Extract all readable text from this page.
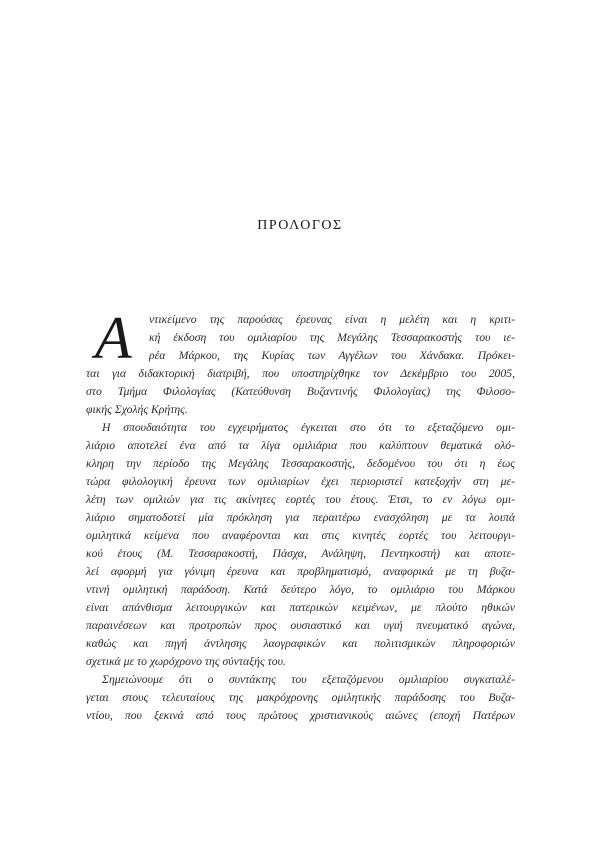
ΠΡΟΛΟΓΟΣ
Α ντικείμενο της παρούσας έρευνας είναι η μελέτη και η κριτι-
κή έκδοση του ομιλιαρίου της Μεγάλης Τεσσαρακοστής του ιε-
ρέα Μάρκου, της Κυρίας των Αγγέλων του Χάνδακα. Πρόκει-
ται για διδακτορική διατριβή, που υποστηρίχθηκε τον Δεκέμβριο του 2005,
στο Τμήμα Φιλολογίας (Κατεύθυνση Βυζαντινής Φιλολογίας) της Φιλοσο-
φικής Σχολής Κρήτης.
Η σπουδαιότητα του εγχειρήματος έγκειται στο ότι το εξεταζόμενο ομι-
λιάριο αποτελεί ένα από τα λίγα ομιλιάρια που καλύπτουν θεματικά ολό-
κληρη την περίοδο της Μεγάλης Τεσσαρακοστής, δεδομένου του ότι η έως
τώρα φιλολογική έρευνα των ομιλιαρίων έχει περιοριστεί κατεξοχήν στη με-
λέτη των ομιλιών για τις ακίνητες εορτές του έτους. Έτσι, το εν λόγω ομι-
λιάριο σηματοδοτεί μία πρόκληση για περαιτέρω ενασχόληση με τα λοιπά
ομιλητικά κείμενα που αναφέρονται και στις κινητές εορτές του λειτουργι-
κού έτους (Μ. Τεσσαρακοστή, Πάσχα, Ανάληψη, Πεντηκοστή) και αποτε-
λεί αφορμή για γόνιμη έρευνα και προβληματισμό, αναφορικά με τη βυζα-
ντινή ομιλητική παράδοση. Κατά δεύτερο λόγο, το ομιλιάριο του Μάρκου
είναι απάνθισμα λειτουργικών και πατερικών κειμένων, με πλούτο ηθικών
παραινέσεων και προτροπών προς ουσιαστικό και υγιή πνευματικό αγώνα,
καθώς και πηγή άντλησης λαογραφικών και πολιτισμικών πληροφοριών
σχετικά με το χωρόχρονο της σύνταξής του.
Σημειώνουμε ότι ο συντάκτης του εξεταζόμενου ομιλιαρίου συγκαταλέ-
γεται στους τελευταίους της μακρόχρονης ομιλητικής παράδοσης του Βυζα-
ντίου, που ξεκινά από τους πρώτους χριστιανικούς αιώνες (εποχή Πατέρων
